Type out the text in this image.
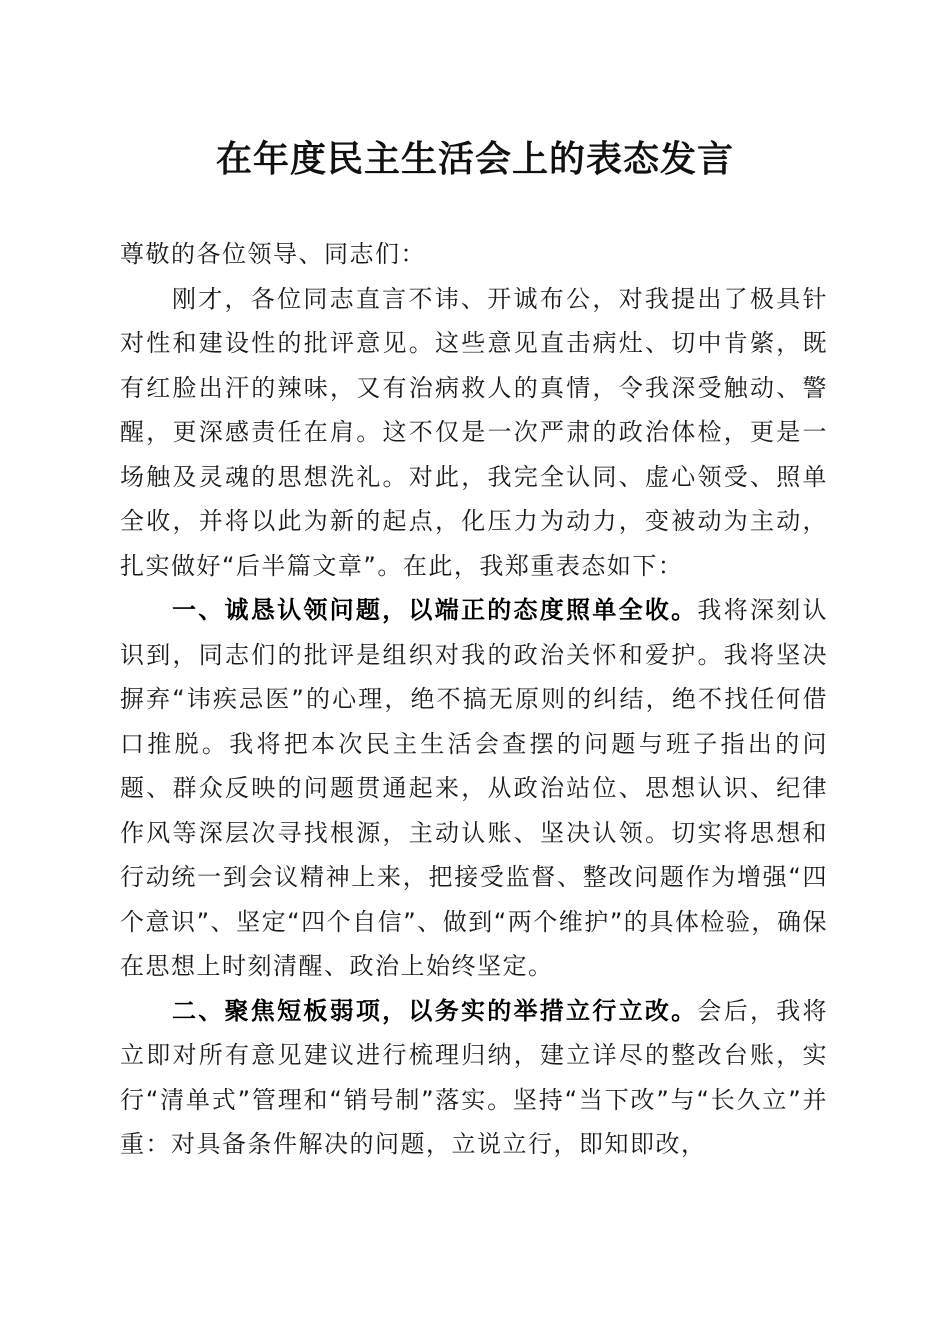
在年度民主生活会上的表态发言

尊敬的各位领导、同志们：

刚才，各位同志直言不讳、开诚布公，对我提出了极具针对性和建设性的批评意见。这些意见直击病灶、切中肯綮，既有红脸出汗的辣味，又有治病救人的真情，令我深受触动、警醒，更深感责任在肩。这不仅是一次严肃的政治体检，更是一场触及灵魂的思想洗礼。对此，我完全认同、虚心领受、照单全收，并将以此为新的起点，化压力为动力，变被动为主动，扎实做好“后半篇文章”。在此，我郑重表态如下：

一、诚恳认领问题，以端正的态度照单全收。我将深刻认识到，同志们的批评是组织对我的政治关怀和爱护。我将坚决摒弃“讳疾忌医”的心理，绝不搞无原则的纠结，绝不找任何借口推脱。我将把本次民主生活会查摆的问题与班子指出的问题、群众反映的问题贯通起来，从政治站位、思想认识、纪律作风等深层次寻找根源，主动认账、坚决认领。切实将思想和行动统一到会议精神上来，把接受监督、整改问题作为增强“四个意识”、坚定“四个自信”、做到“两个维护”的具体检验，确保在思想上时刻清醒、政治上始终坚定。

二、聚焦短板弱项，以务实的举措立行立改。会后，我将立即对所有意见建议进行梳理归纳，建立详尽的整改台账，实行“清单式”管理和“销号制”落实。坚持“当下改”与“长久立”并重：对具备条件解决的问题，立说立行，即知即改，
